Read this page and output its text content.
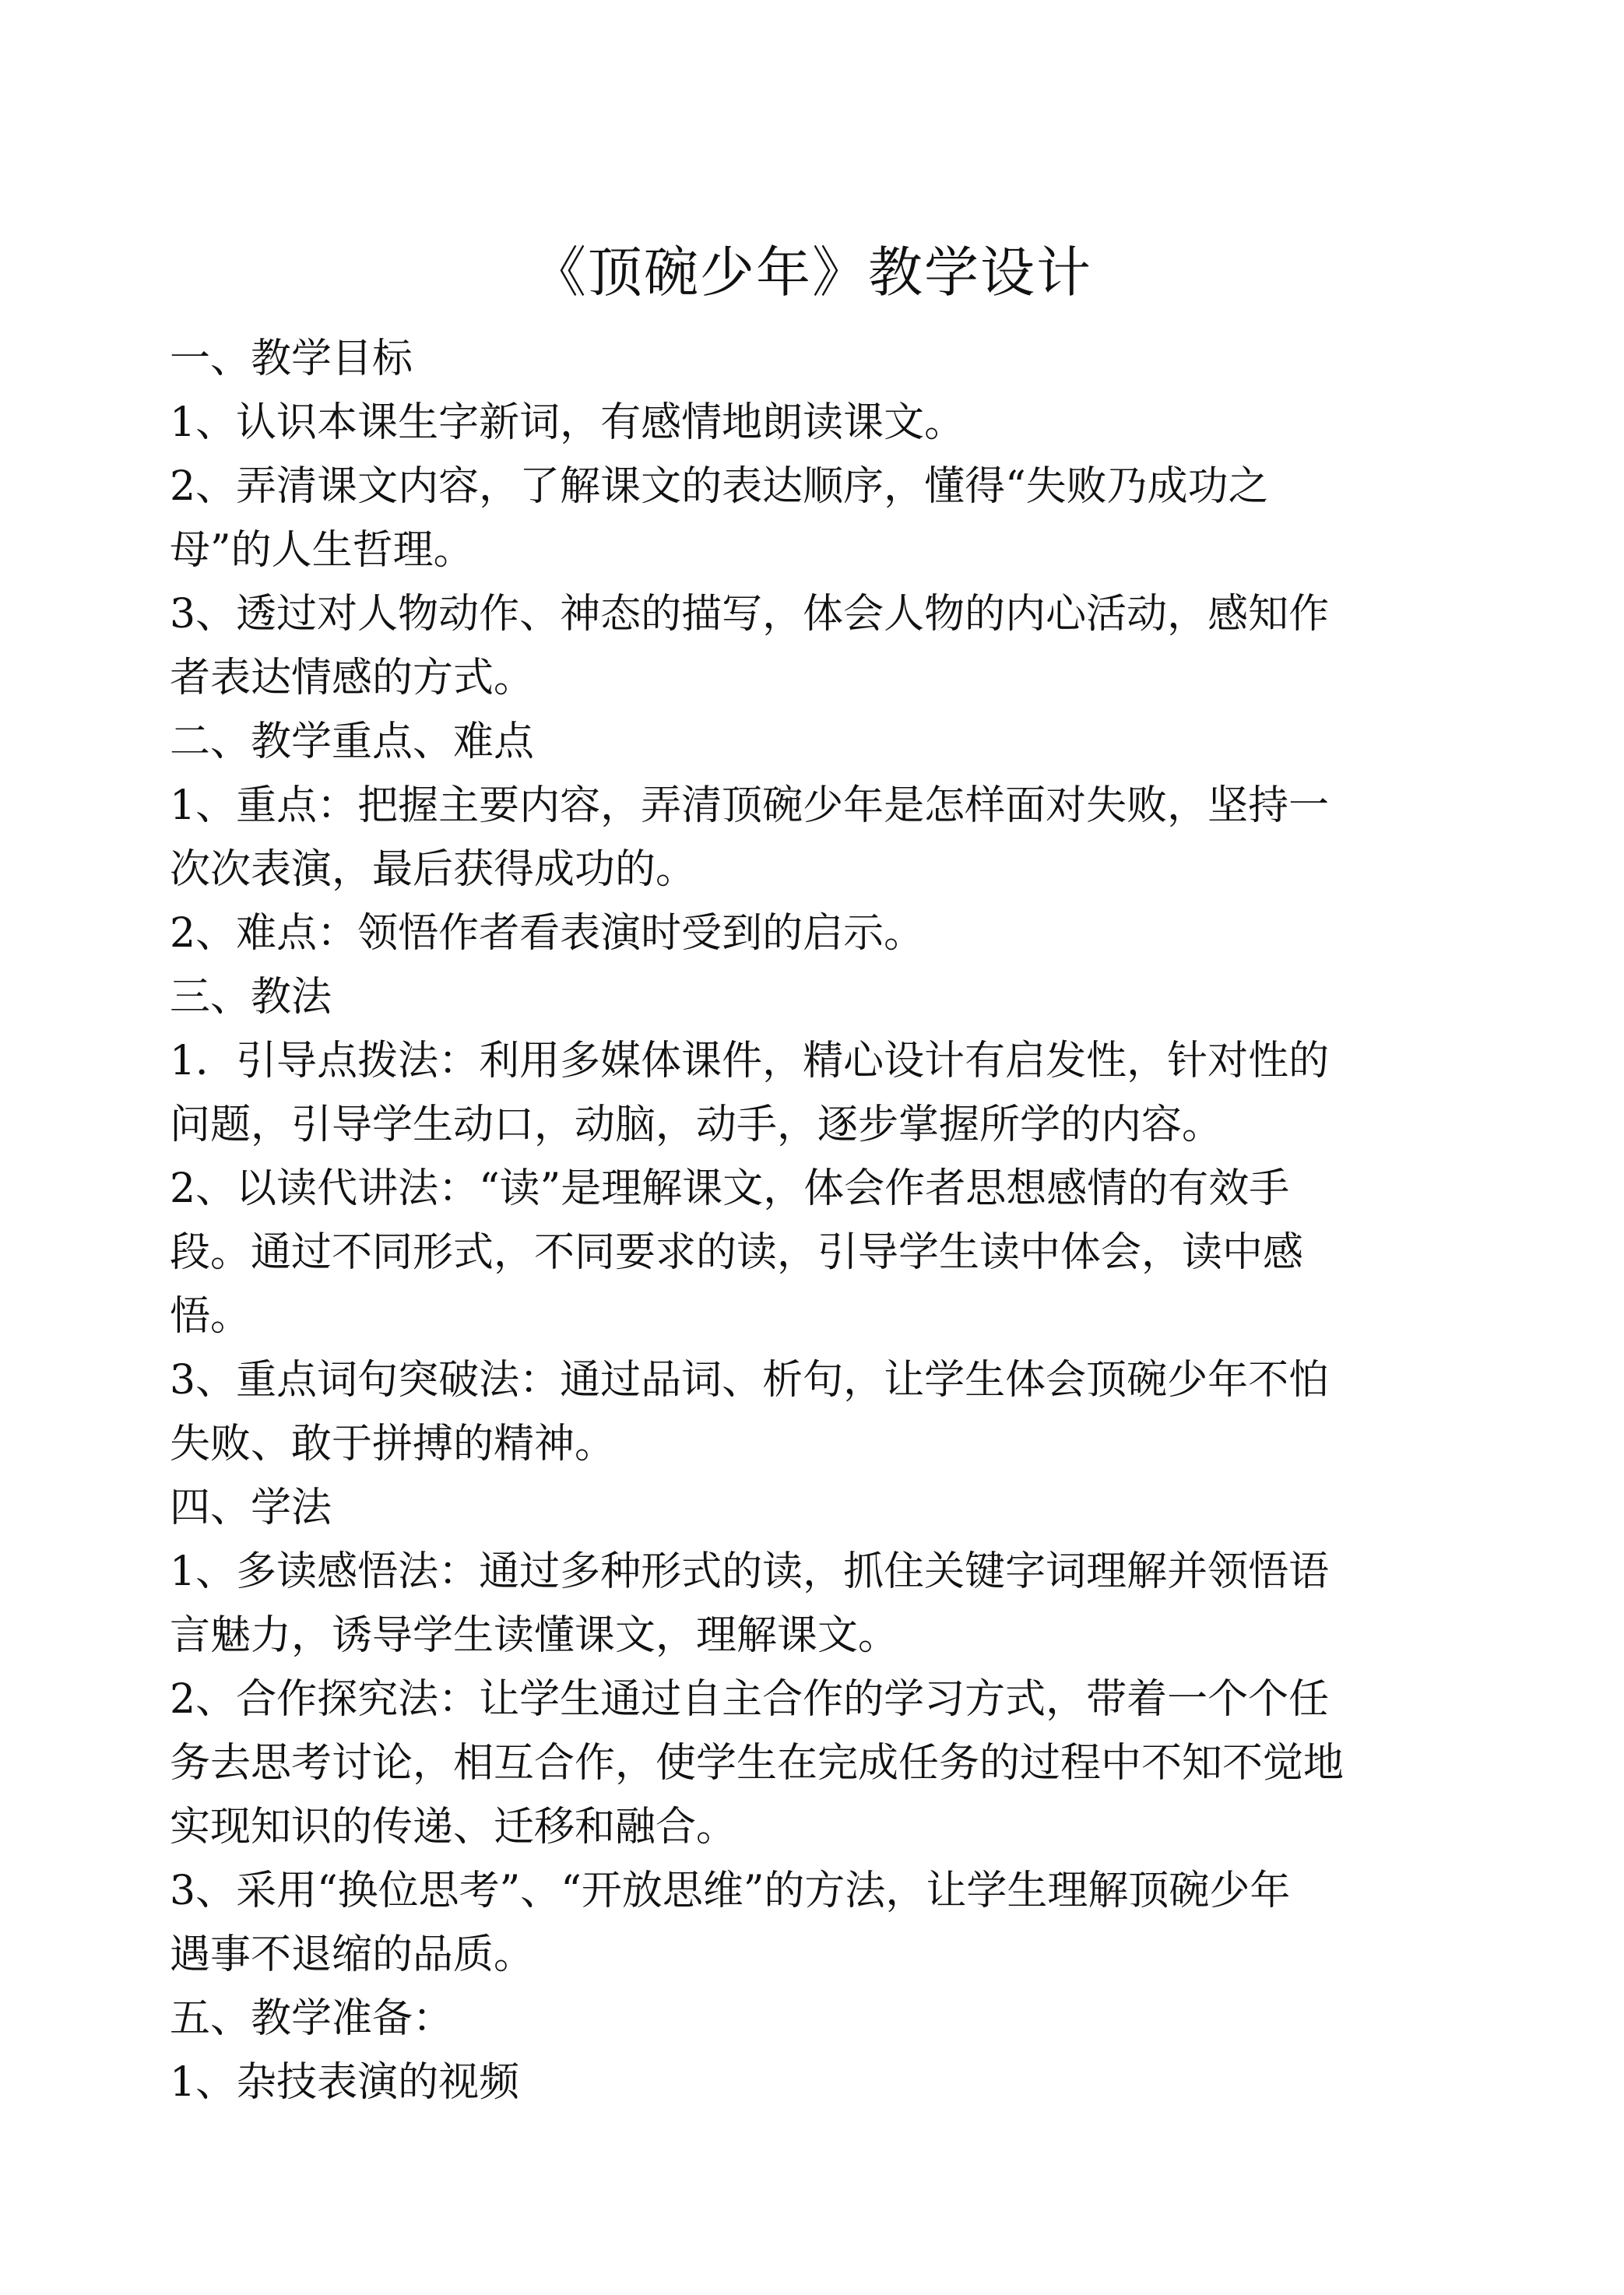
《顶碗少年》教学设计
一、教学目标
1、认识本课生字新词，有感情地朗读课文。
2、弄清课文内容，了解课文的表达顺序，懂得“失败乃成功之
母”的人生哲理。
3、透过对人物动作、神态的描写，体会人物的内心活动，感知作
者表达情感的方式。
二、教学重点、难点
1、重点：把握主要内容，弄清顶碗少年是怎样面对失败，坚持一
次次表演，最后获得成功的。
2、难点：领悟作者看表演时受到的启示。
三、教法
1．引导点拨法：利用多媒体课件，精心设计有启发性，针对性的
问题，引导学生动口，动脑，动手，逐步掌握所学的内容。
2、以读代讲法：“读”是理解课文，体会作者思想感情的有效手
段。通过不同形式，不同要求的读，引导学生读中体会，读中感
悟。
3、重点词句突破法：通过品词、析句，让学生体会顶碗少年不怕
失败、敢于拼搏的精神。
四、学法
1、多读感悟法：通过多种形式的读，抓住关键字词理解并领悟语
言魅力，诱导学生读懂课文，理解课文。
2、合作探究法：让学生通过自主合作的学习方式，带着一个个任
务去思考讨论，相互合作，使学生在完成任务的过程中不知不觉地
实现知识的传递、迁移和融合。
3、采用“换位思考”、“开放思维”的方法，让学生理解顶碗少年
遇事不退缩的品质。
五、教学准备：
1、杂技表演的视频
